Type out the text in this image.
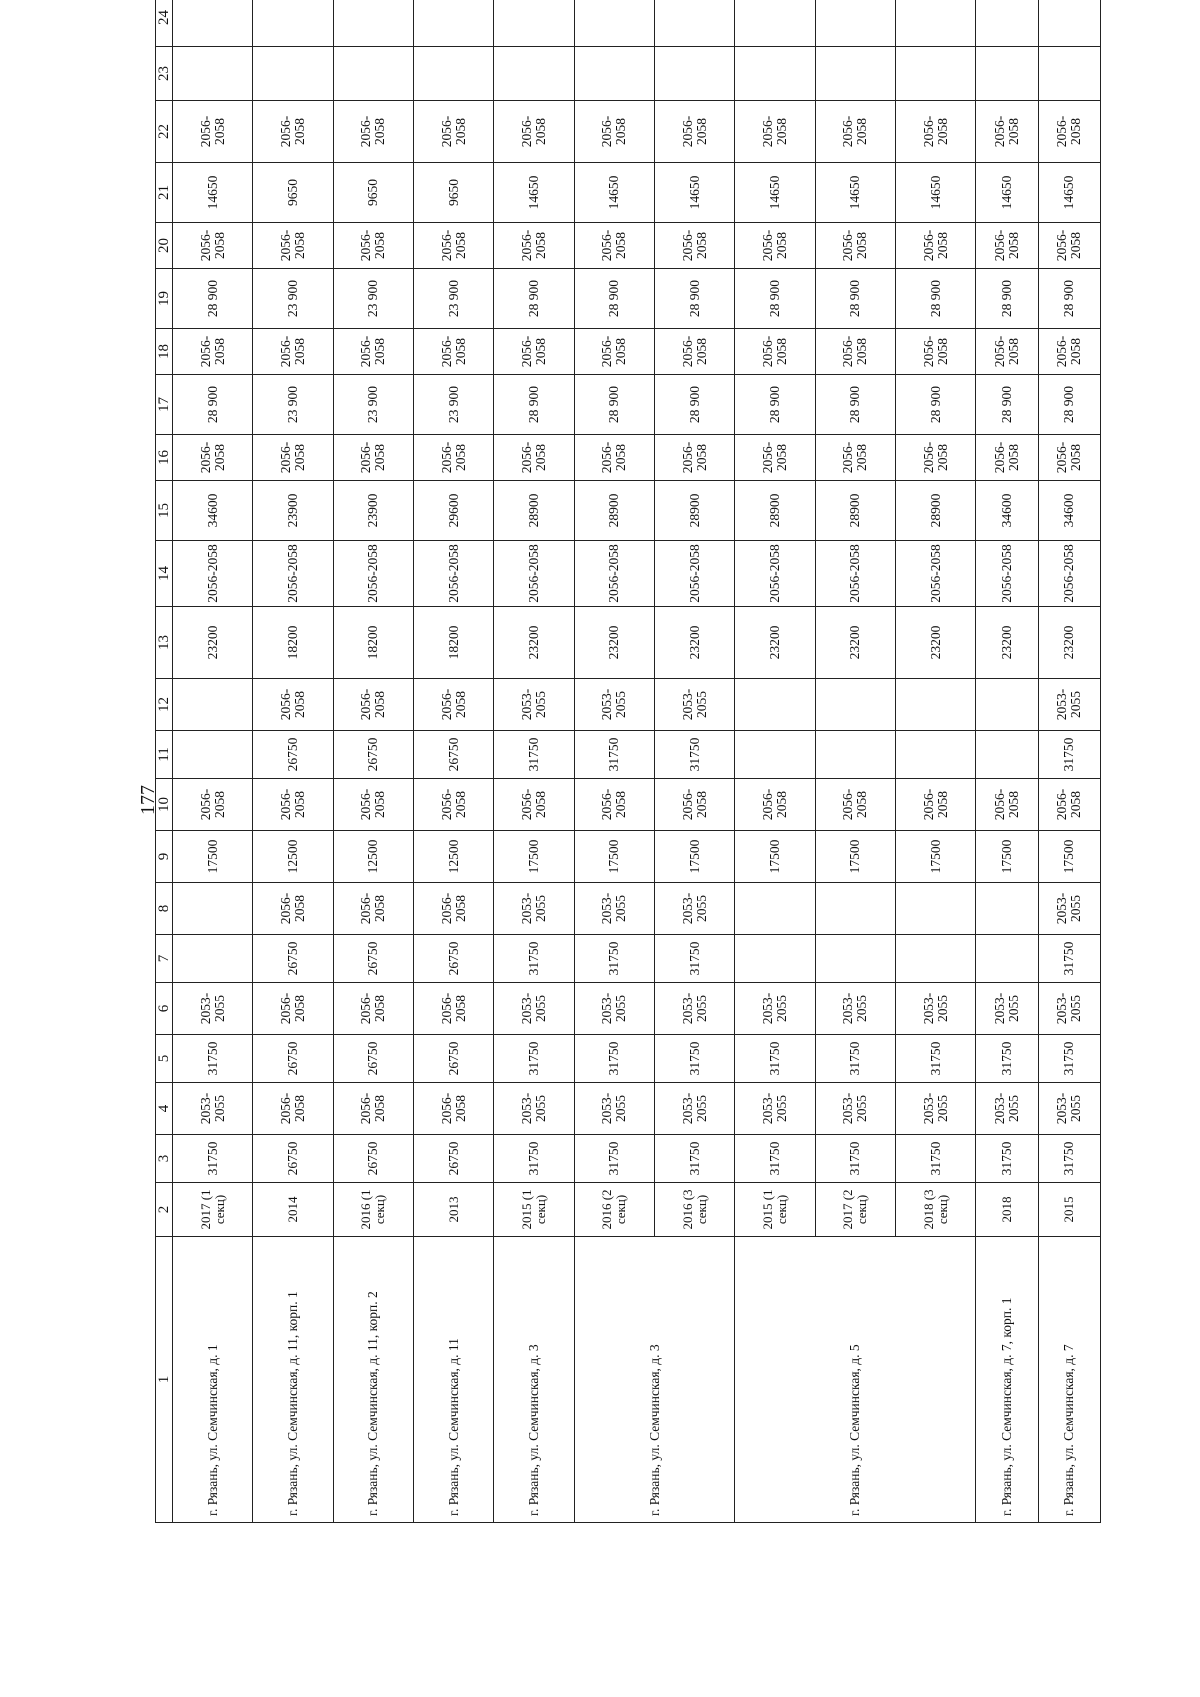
177
1	2	3	4	5	6	7	8	9	10	11	12	13	14	15	16	17	18	19	20	21	22	23	24
г. Рязань, ул. Семчинская, д. 1	2017 (1 секц)	31750	2053-2055	31750	2053-2055			17500	2056-2058			23200	2056-2058	34600	2056-2058	28 900	2056-2058	28 900	2056-2058	14650	2056-2058		
г. Рязань, ул. Семчинская, д. 11, корп. 1	2014	26750	2056-2058	26750	2056-2058	26750	2056-2058	12500	2056-2058	26750	2056-2058	18200	2056-2058	23900	2056-2058	23 900	2056-2058	23 900	2056-2058	9650	2056-2058		
г. Рязань, ул. Семчинская, д. 11, корп. 2	2016 (1 секц)	26750	2056-2058	26750	2056-2058	26750	2056-2058	12500	2056-2058	26750	2056-2058	18200	2056-2058	23900	2056-2058	23 900	2056-2058	23 900	2056-2058	9650	2056-2058		
г. Рязань, ул. Семчинская, д. 11	2013	26750	2056-2058	26750	2056-2058	26750	2056-2058	12500	2056-2058	26750	2056-2058	18200	2056-2058	29600	2056-2058	23 900	2056-2058	23 900	2056-2058	9650	2056-2058		
г. Рязань, ул. Семчинская, д. 3	2015 (1 секц)	31750	2053-2055	31750	2053-2055	31750	2053-2055	17500	2056-2058	31750	2053-2055	23200	2056-2058	28900	2056-2058	28 900	2056-2058	28 900	2056-2058	14650	2056-2058		
г. Рязань, ул. Семчинская, д. 3	2016 (2 секц)	31750	2053-2055	31750	2053-2055	31750	2053-2055	17500	2056-2058	31750	2053-2055	23200	2056-2058	28900	2056-2058	28 900	2056-2058	28 900	2056-2058	14650	2056-2058		
	2016 (3 секц)	31750	2053-2055	31750	2053-2055	31750	2053-2055	17500	2056-2058	31750	2053-2055	23200	2056-2058	28900	2056-2058	28 900	2056-2058	28 900	2056-2058	14650	2056-2058		
г. Рязань, ул. Семчинская, д. 5	2015 (1 секц)	31750	2053-2055	31750	2053-2055			17500	2056-2058			23200	2056-2058	28900	2056-2058	28 900	2056-2058	28 900	2056-2058	14650	2056-2058		
	2017 (2 секц)	31750	2053-2055	31750	2053-2055			17500	2056-2058			23200	2056-2058	28900	2056-2058	28 900	2056-2058	28 900	2056-2058	14650	2056-2058		
	2018 (3 секц)	31750	2053-2055	31750	2053-2055			17500	2056-2058			23200	2056-2058	28900	2056-2058	28 900	2056-2058	28 900	2056-2058	14650	2056-2058		
г. Рязань, ул. Семчинская, д. 7, корп. 1	2018	31750	2053-2055	31750	2053-2055			17500	2056-2058			23200	2056-2058	34600	2056-2058	28 900	2056-2058	28 900	2056-2058	14650	2056-2058		
г. Рязань, ул. Семчинская, д. 7	2015	31750	2053-2055	31750	2053-2055	31750	2053-2055	17500	2056-2058	31750	2053-2055	23200	2056-2058	34600	2056-2058	28 900	2056-2058	28 900	2056-2058	14650	2056-2058		
